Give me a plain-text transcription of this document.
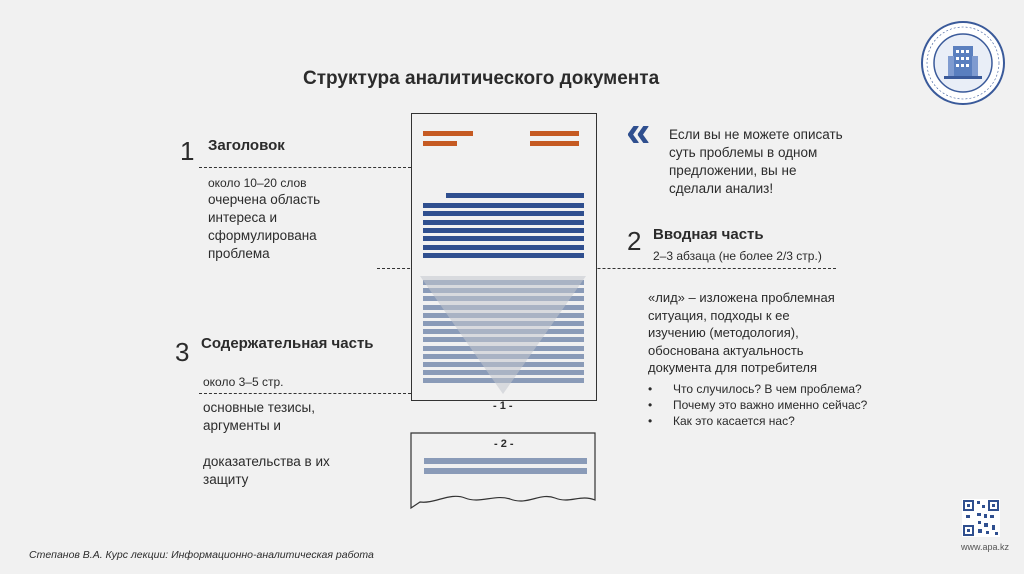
Структура аналитического документа
1 Заголовок
около 10–20 слов
очерчена область
интереса и
сформулирована
проблема
« Если вы не можете описать
суть проблемы в одном
предложении, вы не
сделали анализ!
2 Вводная часть
2–3 абзаца (не более 2/3 стр.)
«лид» – изложена проблемная
ситуация, подходы к ее
изучению (методология),
обоснована актуальность
документа для потребителя
• Что случилось? В чем проблема?
• Почему это важно именно сейчас?
• Как это касается нас?
3 Содержательная часть
около 3–5 стр.
основные тезисы,
аргументы и
доказательства в их
защиту
- 1 -
- 2 -
www.apa.kz
Степанов В.А. Курс лекции: Информационно-аналитическая работа
